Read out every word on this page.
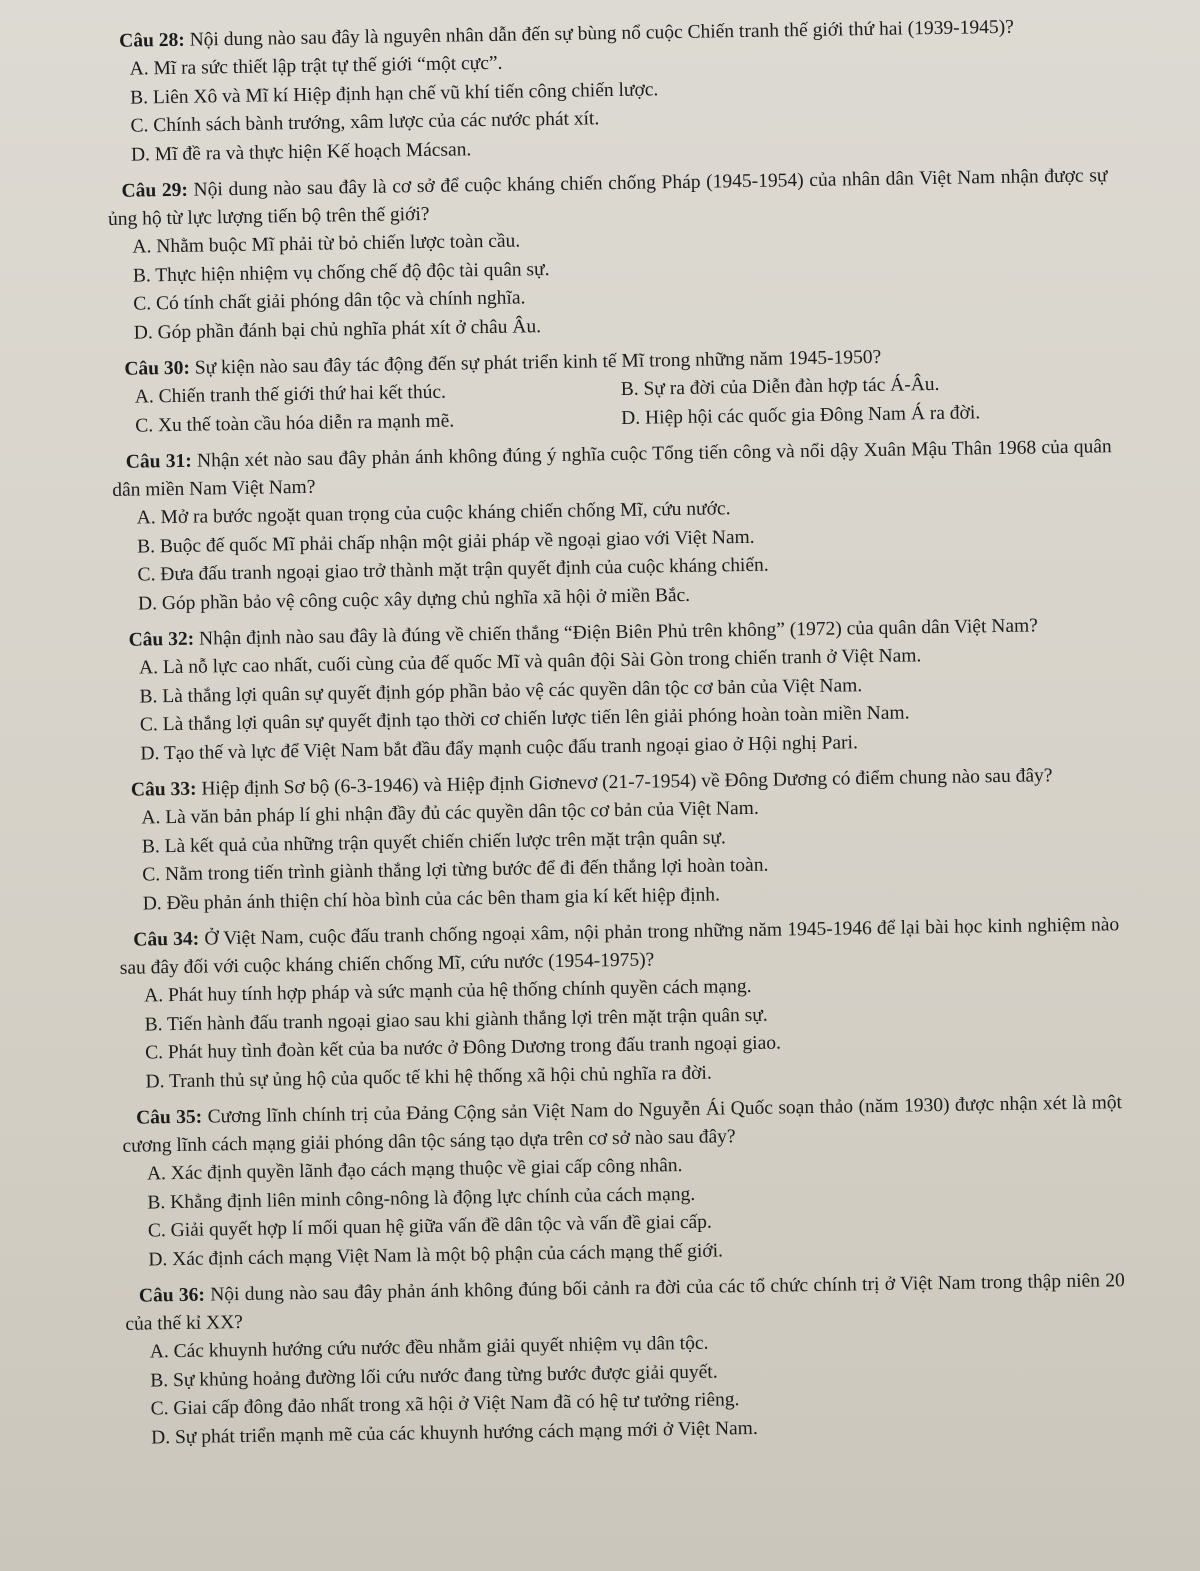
Câu 28: Nội dung nào sau đây là nguyên nhân dẫn đến sự bùng nổ cuộc Chiến tranh thế giới thứ hai (1939-1945)?

A. Mĩ ra sức thiết lập trật tự thế giới “một cực”.
B. Liên Xô và Mĩ kí Hiệp định hạn chế vũ khí tiến công chiến lược.
C. Chính sách bành trướng, xâm lược của các nước phát xít.
D. Mĩ đề ra và thực hiện Kế hoạch Mácsan.

Câu 29: Nội dung nào sau đây là cơ sở để cuộc kháng chiến chống Pháp (1945-1954) của nhân dân Việt Nam nhận được sự ủng hộ từ lực lượng tiến bộ trên thế giới?

A. Nhằm buộc Mĩ phải từ bỏ chiến lược toàn cầu.
B. Thực hiện nhiệm vụ chống chế độ độc tài quân sự.
C. Có tính chất giải phóng dân tộc và chính nghĩa.
D. Góp phần đánh bại chủ nghĩa phát xít ở châu Âu.

Câu 30: Sự kiện nào sau đây tác động đến sự phát triển kinh tế Mĩ trong những năm 1945-1950?

A. Chiến tranh thế giới thứ hai kết thúc.	B. Sự ra đời của Diễn đàn hợp tác Á-Âu.
C. Xu thế toàn cầu hóa diễn ra mạnh mẽ.	D. Hiệp hội các quốc gia Đông Nam Á ra đời.

Câu 31: Nhận xét nào sau đây phản ánh không đúng ý nghĩa cuộc Tổng tiến công và nổi dậy Xuân Mậu Thân 1968 của quân dân miền Nam Việt Nam?

A. Mở ra bước ngoặt quan trọng của cuộc kháng chiến chống Mĩ, cứu nước.
B. Buộc đế quốc Mĩ phải chấp nhận một giải pháp về ngoại giao với Việt Nam.
C. Đưa đấu tranh ngoại giao trở thành mặt trận quyết định của cuộc kháng chiến.
D. Góp phần bảo vệ công cuộc xây dựng chủ nghĩa xã hội ở miền Bắc.

Câu 32: Nhận định nào sau đây là đúng về chiến thắng “Điện Biên Phủ trên không” (1972) của quân dân Việt Nam?

A. Là nỗ lực cao nhất, cuối cùng của đế quốc Mĩ và quân đội Sài Gòn trong chiến tranh ở Việt Nam.
B. Là thắng lợi quân sự quyết định góp phần bảo vệ các quyền dân tộc cơ bản của Việt Nam.
C. Là thắng lợi quân sự quyết định tạo thời cơ chiến lược tiến lên giải phóng hoàn toàn miền Nam.
D. Tạo thế và lực để Việt Nam bắt đầu đẩy mạnh cuộc đấu tranh ngoại giao ở Hội nghị Pari.

Câu 33: Hiệp định Sơ bộ (6-3-1946) và Hiệp định Giơnevơ (21-7-1954) về Đông Dương có điểm chung nào sau đây?

A. Là văn bản pháp lí ghi nhận đầy đủ các quyền dân tộc cơ bản của Việt Nam.
B. Là kết quả của những trận quyết chiến chiến lược trên mặt trận quân sự.
C. Nằm trong tiến trình giành thắng lợi từng bước để đi đến thắng lợi hoàn toàn.
D. Đều phản ánh thiện chí hòa bình của các bên tham gia kí kết hiệp định.

Câu 34: Ở Việt Nam, cuộc đấu tranh chống ngoại xâm, nội phản trong những năm 1945-1946 để lại bài học kinh nghiệm nào sau đây đối với cuộc kháng chiến chống Mĩ, cứu nước (1954-1975)?

A. Phát huy tính hợp pháp và sức mạnh của hệ thống chính quyền cách mạng.
B. Tiến hành đấu tranh ngoại giao sau khi giành thắng lợi trên mặt trận quân sự.
C. Phát huy tình đoàn kết của ba nước ở Đông Dương trong đấu tranh ngoại giao.
D. Tranh thủ sự ủng hộ của quốc tế khi hệ thống xã hội chủ nghĩa ra đời.

Câu 35: Cương lĩnh chính trị của Đảng Cộng sản Việt Nam do Nguyễn Ái Quốc soạn thảo (năm 1930) được nhận xét là một cương lĩnh cách mạng giải phóng dân tộc sáng tạo dựa trên cơ sở nào sau đây?

A. Xác định quyền lãnh đạo cách mạng thuộc về giai cấp công nhân.
B. Khẳng định liên minh công-nông là động lực chính của cách mạng.
C. Giải quyết hợp lí mối quan hệ giữa vấn đề dân tộc và vấn đề giai cấp.
D. Xác định cách mạng Việt Nam là một bộ phận của cách mạng thế giới.

Câu 36: Nội dung nào sau đây phản ánh không đúng bối cảnh ra đời của các tổ chức chính trị ở Việt Nam trong thập niên 20 của thế kỉ XX?

A. Các khuynh hướng cứu nước đều nhằm giải quyết nhiệm vụ dân tộc.
B. Sự khủng hoảng đường lối cứu nước đang từng bước được giải quyết.
C. Giai cấp đông đảo nhất trong xã hội ở Việt Nam đã có hệ tư tưởng riêng.
D. Sự phát triển mạnh mẽ của các khuynh hướng cách mạng mới ở Việt Nam.
